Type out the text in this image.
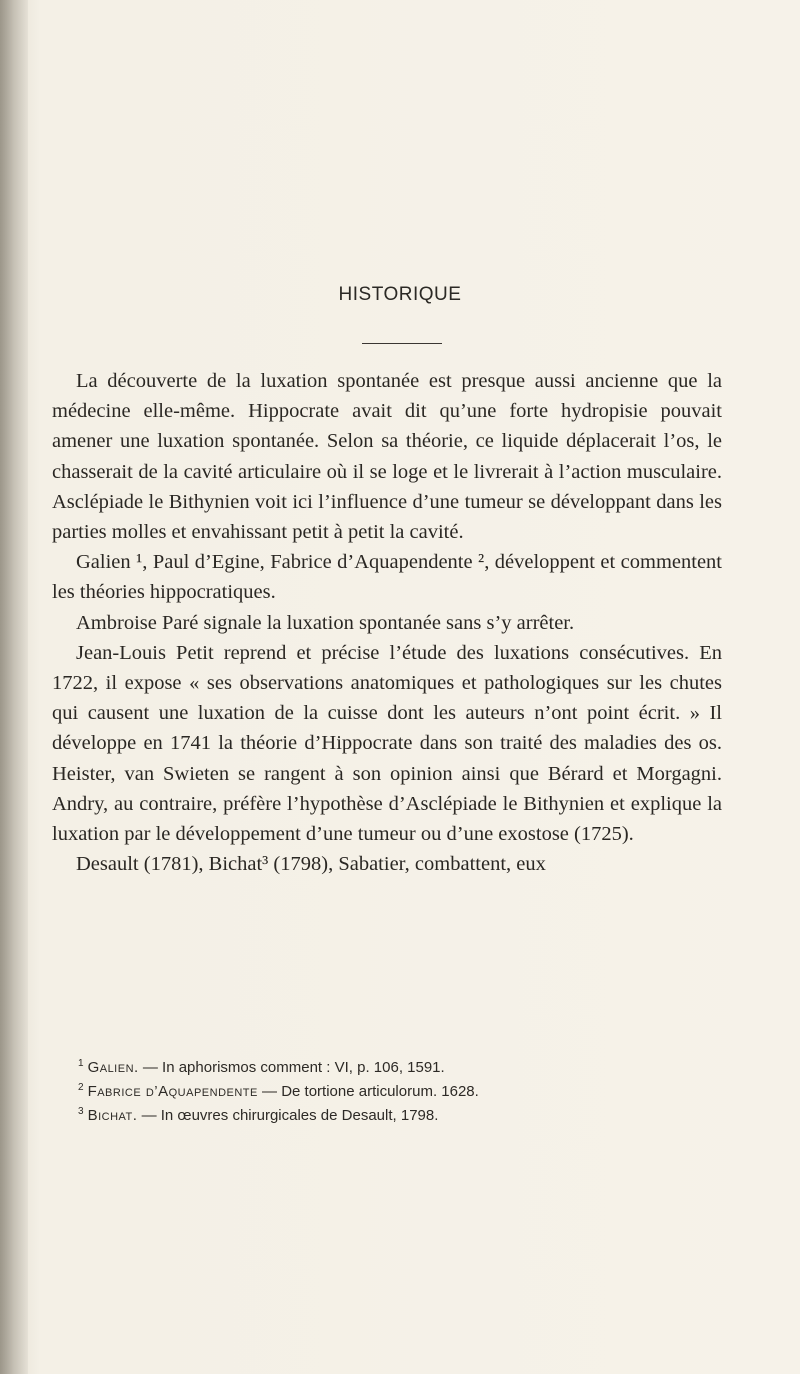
HISTORIQUE

La découverte de la luxation spontanée est presque aussi ancienne que la médecine elle-même. Hippocrate avait dit qu’une forte hydropisie pouvait amener une luxation spontanée. Selon sa théorie, ce liquide déplacerait l’os, le chasserait de la cavité articulaire où il se loge et le livrerait à l’action musculaire. Asclépiade le Bithynien voit ici l’influence d’une tumeur se développant dans les parties molles et envahissant petit à petit la cavité.

Galien ¹, Paul d’Egine, Fabrice d’Aquapendente ², développent et commentent les théories hippocratiques.

Ambroise Paré signale la luxation spontanée sans s’y arrêter.

Jean-Louis Petit reprend et précise l’étude des luxations consécutives. En 1722, il expose « ses observations anatomiques et pathologiques sur les chutes qui causent une luxation de la cuisse dont les auteurs n’ont point écrit. » Il développe en 1741 la théorie d’Hippocrate dans son traité des maladies des os. Heister, van Swieten se rangent à son opinion ainsi que Bérard et Morgagni. Andry, au contraire, préfère l’hypothèse d’Asclépiade le Bithynien et explique la luxation par le développement d’une tumeur ou d’une exostose (1725).

Desault (1781), Bichat³ (1798), Sabatier, combattent, eux

$^1$ Galien. — In aphorismos comment : VI, p. 106, 1591.

$^2$ Fabrice d’Aquapendente — De tortione articulorum. 1628.

$^3$ Bichat. — In œuvres chirurgicales de Desault, 1798.
